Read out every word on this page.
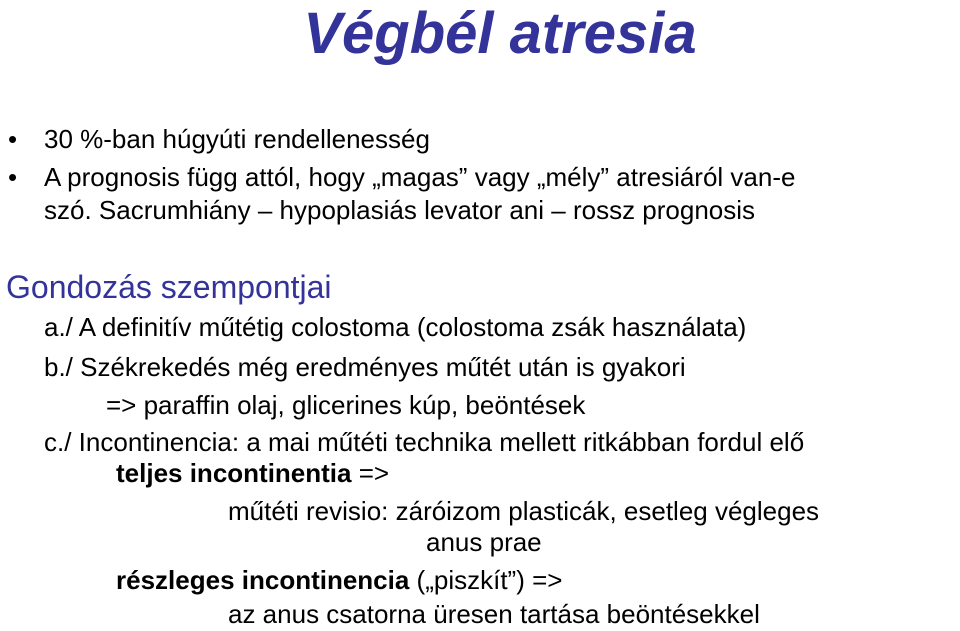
Végbél atresia
• 30 %-ban húgyúti rendellenesség
• A prognosis függ attól, hogy „magas” vagy „mély” atresiáról van-e
szó. Sacrumhiány – hypoplasiás levator ani – rossz prognosis
Gondozás szempontjai
a./ A definitív műtétig colostoma (colostoma zsák használata)
b./ Székrekedés még eredményes műtét után is gyakori
=> paraffin olaj, glicerines kúp, beöntések
c./ Incontinencia: a mai műtéti technika mellett ritkábban fordul elő
teljes incontinentia =>
műtéti revisio: záróizom plasticák, esetleg végleges
anus prae
részleges incontinencia („piszkít”) =>
az anus csatorna üresen tartása beöntésekkel
